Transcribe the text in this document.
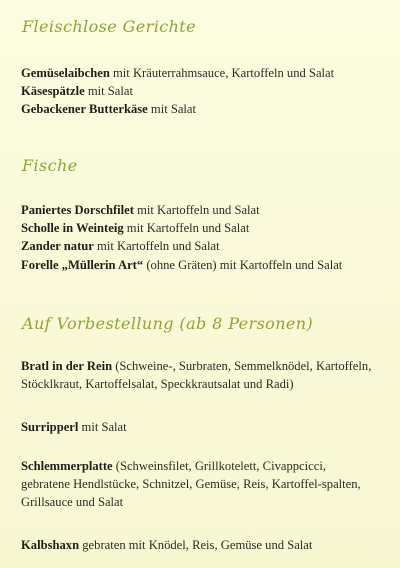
Fleischlose Gerichte
Gemüselaibchen mit Kräuterrahmsauce, Kartoffeln und Salat
Käsespätzle mit Salat
Gebackener Butterkäse mit Salat
Fische
Paniertes Dorschfilet mit Kartoffeln und Salat
Scholle in Weinteig mit Kartoffeln und Salat
Zander natur mit Kartoffeln und Salat
Forelle „Müllerin Art“ (ohne Gräten) mit Kartoffeln und Salat
Auf Vorbestellung (ab 8 Personen)
Bratl in der Rein (Schweine-, Surbraten, Semmelknödel, Kartoffeln, Stöcklkraut, Kartoffelsalat, Speckkrautsalat und Radi)
Surripperl mit Salat
Schlemmerplatte (Schweinsfilet, Grillkotelett, Civappcicci, gebratene Hendlstücke, Schnitzel, Gemüse, Reis, Kartoffel-spalten, Grillsauce und Salat
Kalbshaxn gebraten mit Knödel, Reis, Gemüse und Salat
